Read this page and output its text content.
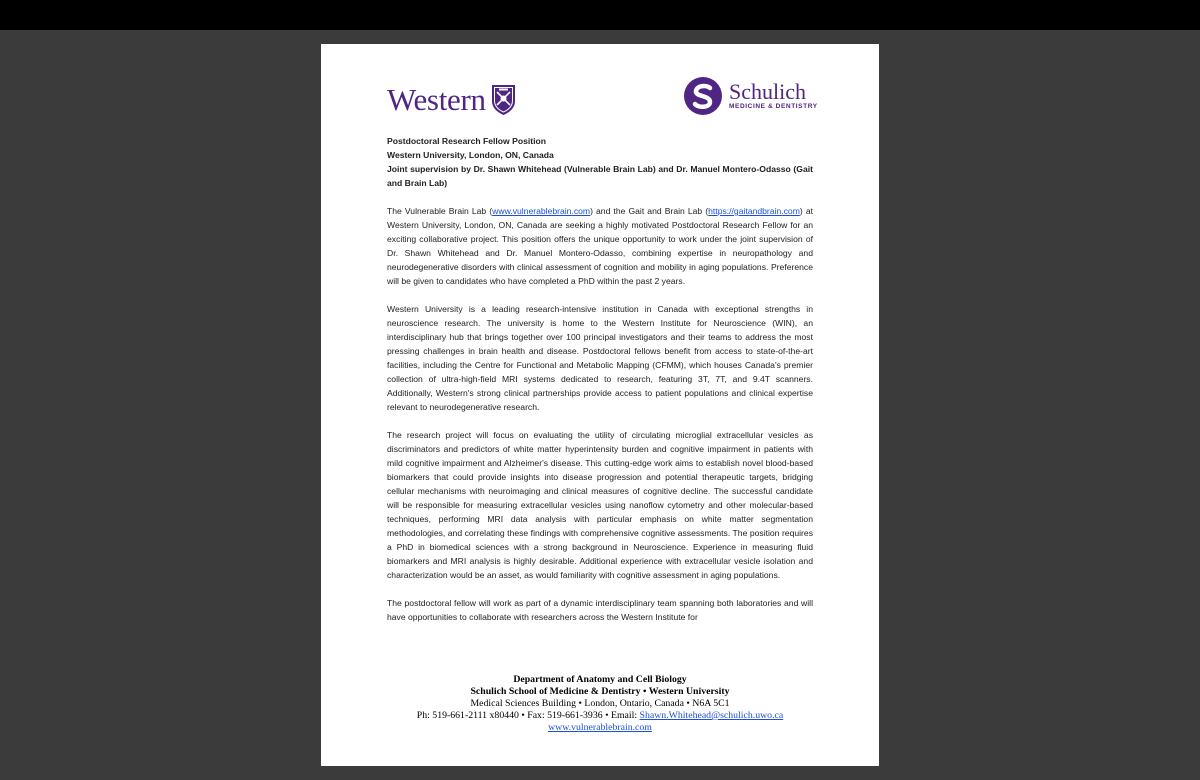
Western	Schulich
MEDICINE & DENTISTRY

Postdoctoral Research Fellow Position

Western University, London, ON, Canada

Joint supervision by Dr. Shawn Whitehead (Vulnerable Brain Lab) and Dr. Manuel Montero-Odasso (Gait and Brain Lab)

The Vulnerable Brain Lab (www.vulnerablebrain.com) and the Gait and Brain Lab (https://gaitandbrain.com) at Western University, London, ON, Canada are seeking a highly motivated Postdoctoral Research Fellow for an exciting collaborative project. This position offers the unique opportunity to work under the joint supervision of Dr. Shawn Whitehead and Dr. Manuel Montero-Odasso, combining expertise in neuropathology and neurodegenerative disorders with clinical assessment of cognition and mobility in aging populations. Preference will be given to candidates who have completed a PhD within the past 2 years.

Western University is a leading research-intensive institution in Canada with exceptional strengths in neuroscience research. The university is home to the Western Institute for Neuroscience (WIN), an interdisciplinary hub that brings together over 100 principal investigators and their teams to address the most pressing challenges in brain health and disease. Postdoctoral fellows benefit from access to state-of-the-art facilities, including the Centre for Functional and Metabolic Mapping (CFMM), which houses Canada's premier collection of ultra-high-field MRI systems dedicated to research, featuring 3T, 7T, and 9.4T scanners. Additionally, Western's strong clinical partnerships provide access to patient populations and clinical expertise relevant to neurodegenerative research.

The research project will focus on evaluating the utility of circulating microglial extracellular vesicles as discriminators and predictors of white matter hyperintensity burden and cognitive impairment in patients with mild cognitive impairment and Alzheimer's disease. This cutting-edge work aims to establish novel blood-based biomarkers that could provide insights into disease progression and potential therapeutic targets, bridging cellular mechanisms with neuroimaging and clinical measures of cognitive decline. The successful candidate will be responsible for measuring extracellular vesicles using nanoflow cytometry and other molecular-based techniques, performing MRI data analysis with particular emphasis on white matter segmentation methodologies, and correlating these findings with comprehensive cognitive assessments. The position requires a PhD in biomedical sciences with a strong background in Neuroscience. Experience in measuring fluid biomarkers and MRI analysis is highly desirable. Additional experience with extracellular vesicle isolation and characterization would be an asset, as would familiarity with cognitive assessment in aging populations.

The postdoctoral fellow will work as part of a dynamic interdisciplinary team spanning both laboratories and will have opportunities to collaborate with researchers across the Western Institute for

Department of Anatomy and Cell Biology
Schulich School of Medicine & Dentistry • Western University
Medical Sciences Building • London, Ontario, Canada • N6A 5C1
Ph: 519-661-2111 x80440 • Fax: 519-661-3936 • Email: Shawn.Whitehead@schulich.uwo.ca
www.vulnerablebrain.com
